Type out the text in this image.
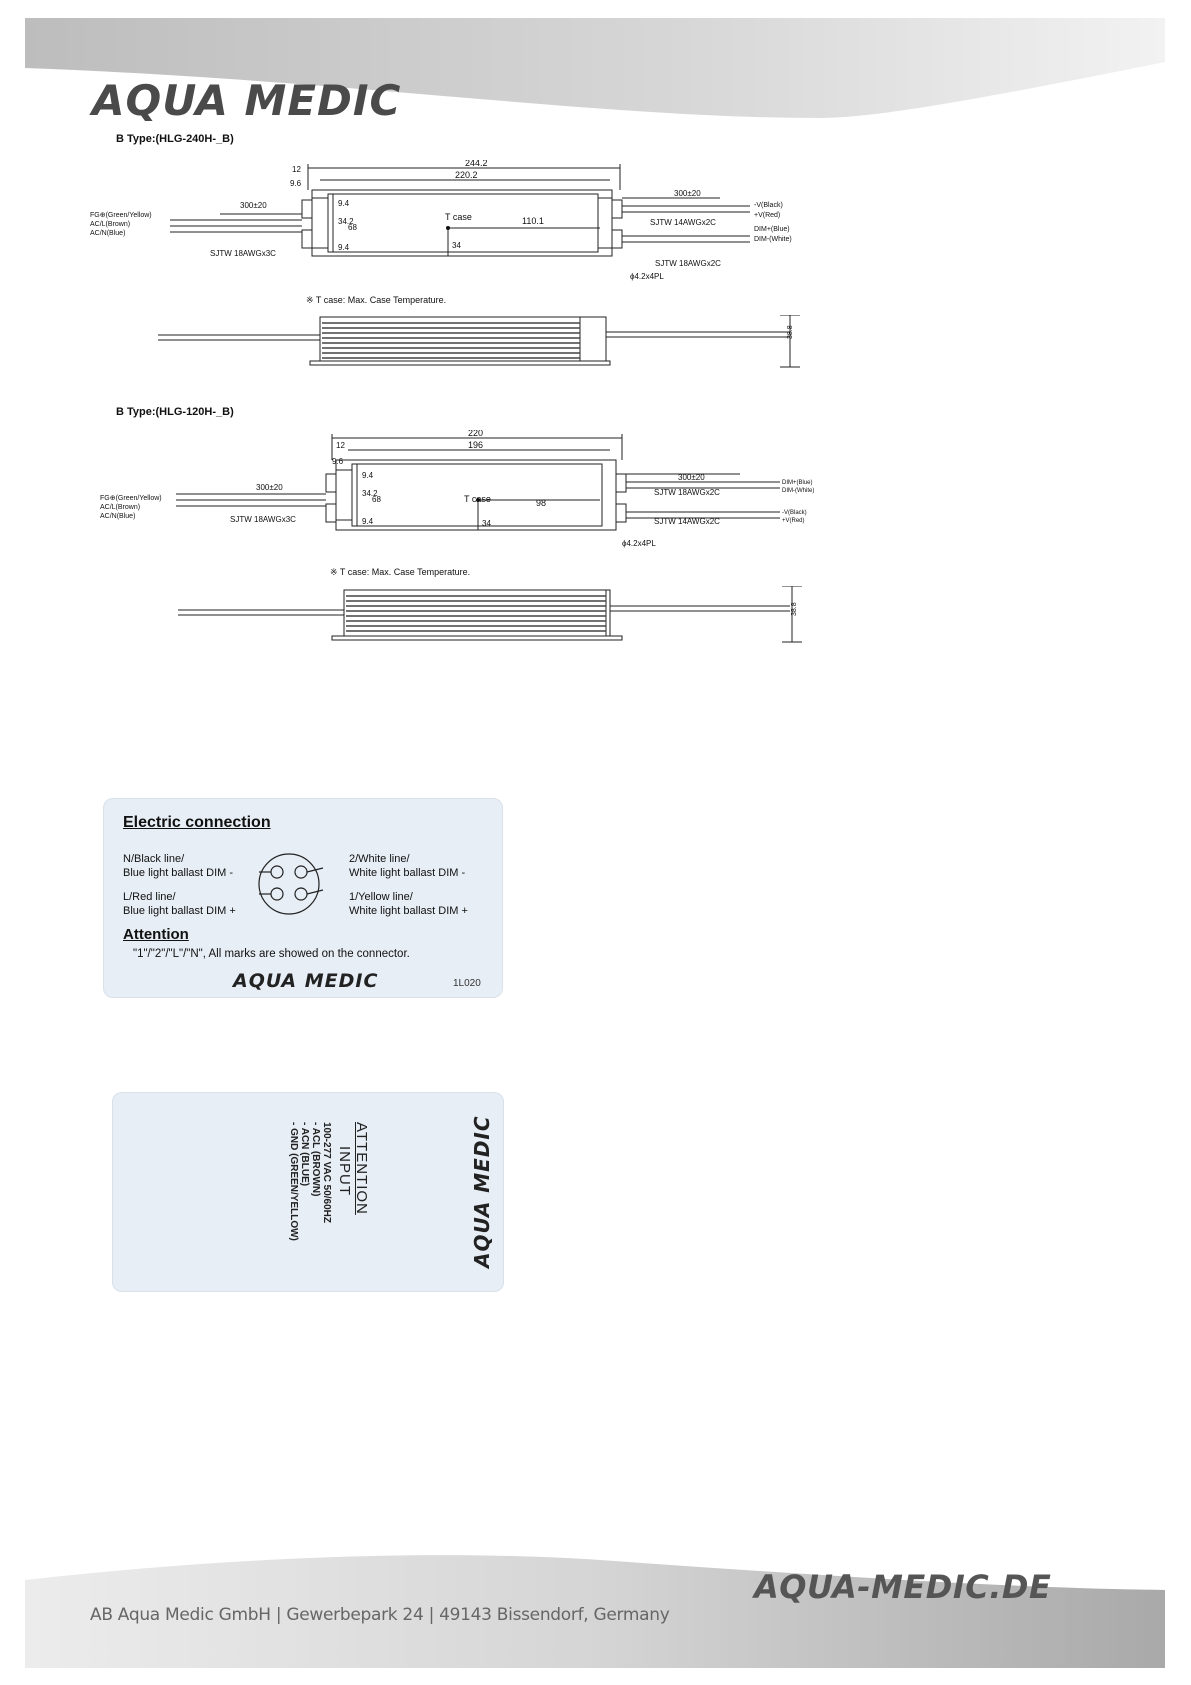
AQUA MEDIC
B Type:(HLG-240H-_B)
244.2
220.2
12
9.6
9.4
34.2
68
9.4
T case	110.1
34
300±20
FG⊕(Green/Yellow)
AC/L(Brown)
AC/N(Blue)
SJTW 18AWGx3C
300±20
-V(Black)
+V(Red)
DIM+(Blue)
DIM-(White)
SJTW 14AWGx2C
SJTW 18AWGx2C
ϕ4.2x4PL
※ T case: Max. Case Temperature.
38.8
B Type:(HLG-120H-_B)
220
196
12
9.6
9.4
34.2
68
9.4
T case	98
34
300±20
FG⊕(Green/Yellow)
AC/L(Brown)
AC/N(Blue)	SJTW 18AWGx3C
300±20
DIM+(Blue)
DIM-(White)
-V(Black)
+V(Red)
SJTW 18AWGx2C
SJTW 14AWGx2C
ϕ4.2x4PL
※ T case: Max. Case Temperature.
38.8
Electric connection
N/Black line/
Blue light ballast DIM -
L/Red line/
Blue light ballast DIM +
2/White line/
White light ballast DIM -
1/Yellow line/
White light ballast DIM +
Attention
"1"/"2"/"L"/"N", All marks are showed on the connector.
AQUA MEDIC	1L020
ATTENTION
INPUT
100-277 VAC 50/60HZ
- ACL (BROWN)
- ACN (BLUE)
- GND (GREEN/YELLOW)	AQUA MEDIC
AQUA-MEDIC.DE
AB Aqua Medic GmbH | Gewerbepark 24 | 49143 Bissendorf, Germany
